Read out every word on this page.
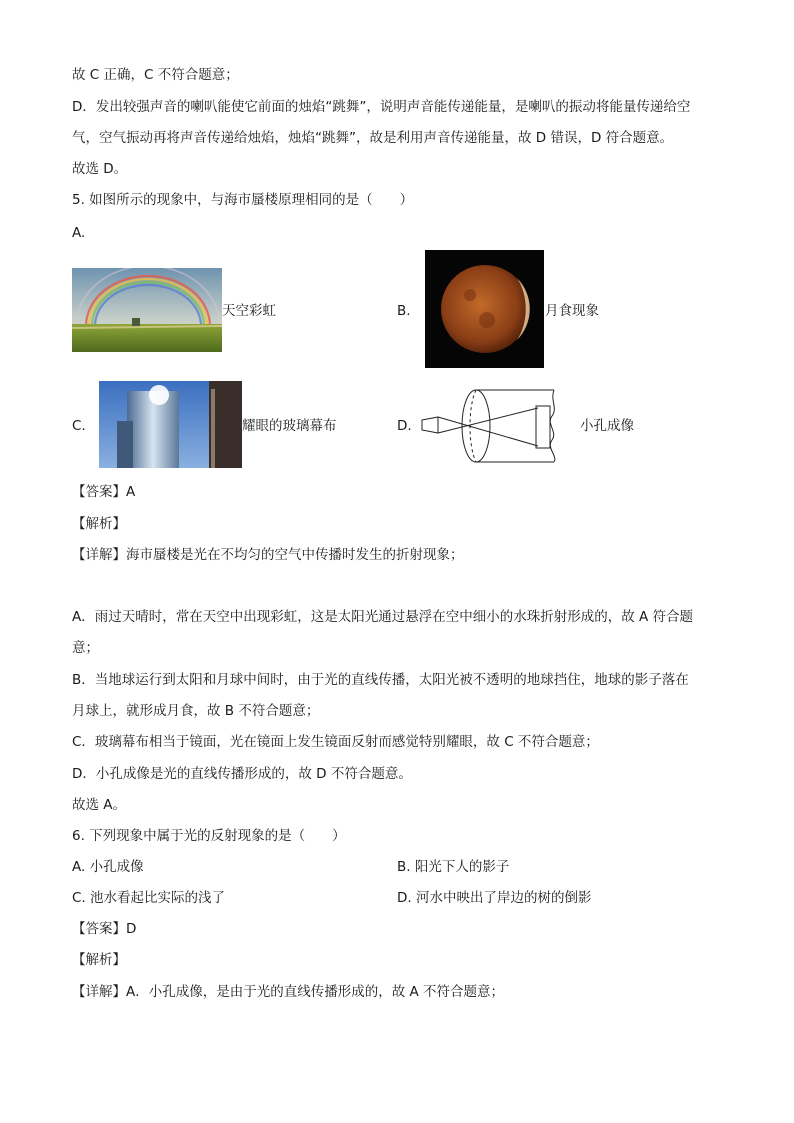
故 C 正确，C 不符合题意；
D．发出较强声音的喇叭能使它前面的烛焰“跳舞”，说明声音能传递能量，是喇叭的振动将能量传递给空
气，空气振动再将声音传递给烛焰，烛焰“跳舞”，故是利用声音传递能量，故 D 错误，D 符合题意。
故选 D。
5. 如图所示的现象中，与海市蜃楼原理相同的是（　　）
A.
天空彩虹	B.	月食现象
C.	耀眼的玻璃幕布	D.	小孔成像
【答案】A
【解析】
【详解】海市蜃楼是光在不均匀的空气中传播时发生的折射现象；
A．雨过天晴时，常在天空中出现彩虹，这是太阳光通过悬浮在空中细小的水珠折射形成的，故 A 符合题
意；
B．当地球运行到太阳和月球中间时，由于光的直线传播，太阳光被不透明的地球挡住，地球的影子落在
月球上，就形成月食，故 B 不符合题意；
C．玻璃幕布相当于镜面，光在镜面上发生镜面反射而感觉特别耀眼，故 C 不符合题意；
D．小孔成像是光的直线传播形成的，故 D 不符合题意。
故选 A。
6. 下列现象中属于光的反射现象的是（　　）
A. 小孔成像	B. 阳光下人的影子
C. 池水看起比实际的浅了	D. 河水中映出了岸边的树的倒影
【答案】D
【解析】
【详解】A．小孔成像，是由于光的直线传播形成的，故 A 不符合题意；
